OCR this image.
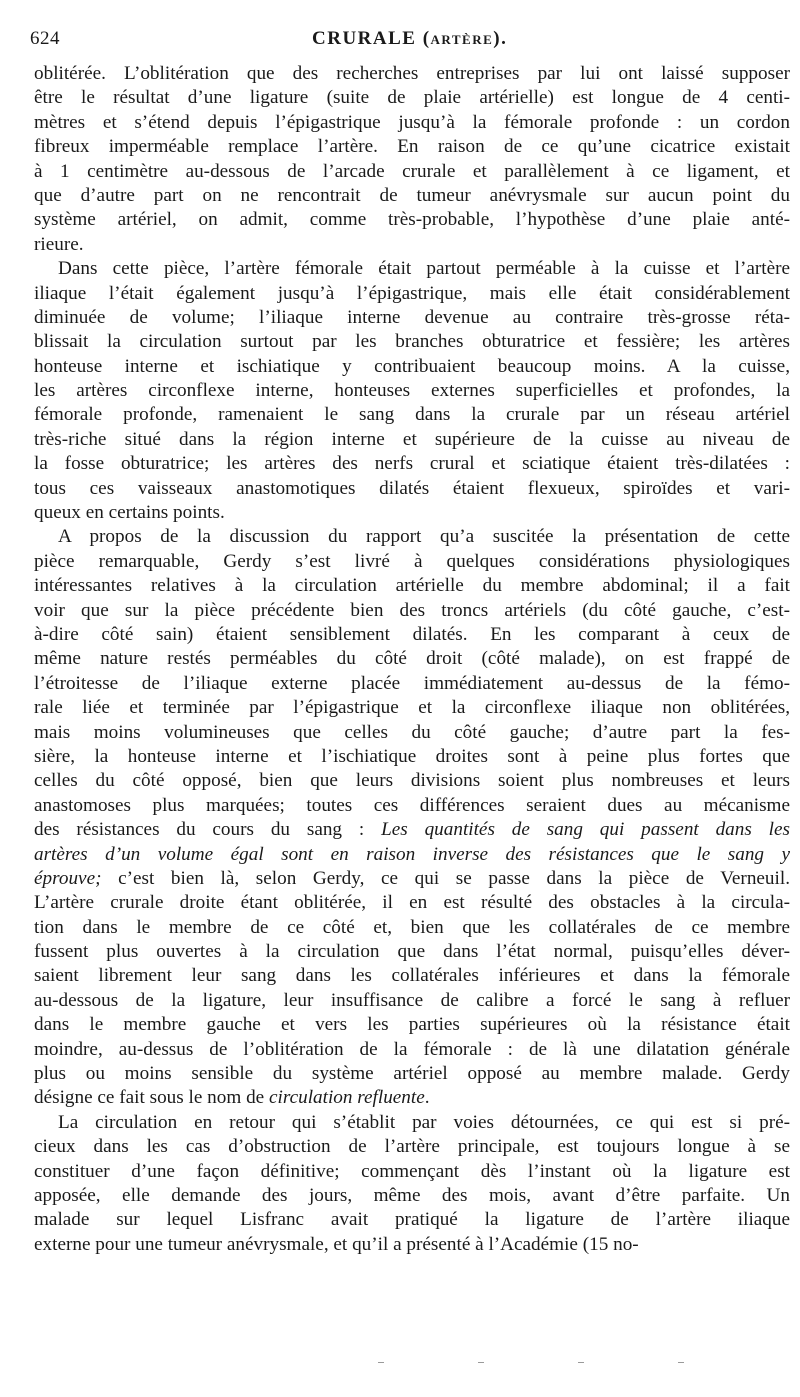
624	CRURALE (ARTÈRE).
oblitérée. L’oblitération que des recherches entreprises par lui ont laissé supposer
être le résultat d’une ligature (suite de plaie artérielle) est longue de 4 centi-
mètres et s’étend depuis l’épigastrique jusqu’à la fémorale profonde : un cordon
fibreux imperméable remplace l’artère. En raison de ce qu’une cicatrice existait
à 1 centimètre au-dessous de l’arcade crurale et parallèlement à ce ligament, et
que d’autre part on ne rencontrait de tumeur anévrysmale sur aucun point du
système artériel, on admit, comme très-probable, l’hypothèse d’une plaie anté-
rieure.
Dans cette pièce, l’artère fémorale était partout perméable à la cuisse et l’artère
iliaque l’était également jusqu’à l’épigastrique, mais elle était considérablement
diminuée de volume; l’iliaque interne devenue au contraire très-grosse réta-
blissait la circulation surtout par les branches obturatrice et fessière; les artères
honteuse interne et ischiatique y contribuaient beaucoup moins. A la cuisse,
les artères circonflexe interne, honteuses externes superficielles et profondes, la
fémorale profonde, ramenaient le sang dans la crurale par un réseau artériel
très-riche situé dans la région interne et supérieure de la cuisse au niveau de
la fosse obturatrice; les artères des nerfs crural et sciatique étaient très-dilatées :
tous ces vaisseaux anastomotiques dilatés étaient flexueux, spiroïdes et vari-
queux en certains points.
A propos de la discussion du rapport qu’a suscitée la présentation de cette
pièce remarquable, Gerdy s’est livré à quelques considérations physiologiques
intéressantes relatives à la circulation artérielle du membre abdominal; il a fait
voir que sur la pièce précédente bien des troncs artériels (du côté gauche, c’est-
à-dire côté sain) étaient sensiblement dilatés. En les comparant à ceux de
même nature restés perméables du côté droit (côté malade), on est frappé de
l’étroitesse de l’iliaque externe placée immédiatement au-dessus de la fémo-
rale liée et terminée par l’épigastrique et la circonflexe iliaque non oblitérées,
mais moins volumineuses que celles du côté gauche; d’autre part la fes-
sière, la honteuse interne et l’ischiatique droites sont à peine plus fortes que
celles du côté opposé, bien que leurs divisions soient plus nombreuses et leurs
anastomoses plus marquées; toutes ces différences seraient dues au mécanisme
des résistances du cours du sang : Les quantités de sang qui passent dans les
artères d’un volume égal sont en raison inverse des résistances que le sang y
éprouve; c’est bien là, selon Gerdy, ce qui se passe dans la pièce de Verneuil.
L’artère crurale droite étant oblitérée, il en est résulté des obstacles à la circula-
tion dans le membre de ce côté et, bien que les collatérales de ce membre
fussent plus ouvertes à la circulation que dans l’état normal, puisqu’elles déver-
saient librement leur sang dans les collatérales inférieures et dans la fémorale
au-dessous de la ligature, leur insuffisance de calibre a forcé le sang à refluer
dans le membre gauche et vers les parties supérieures où la résistance était
moindre, au-dessus de l’oblitération de la fémorale : de là une dilatation générale
plus ou moins sensible du système artériel opposé au membre malade. Gerdy
désigne ce fait sous le nom de circulation refluente.
La circulation en retour qui s’établit par voies détournées, ce qui est si pré-
cieux dans les cas d’obstruction de l’artère principale, est toujours longue à se
constituer d’une façon définitive; commençant dès l’instant où la ligature est
apposée, elle demande des jours, même des mois, avant d’être parfaite. Un
malade sur lequel Lisfranc avait pratiqué la ligature de l’artère iliaque
externe pour une tumeur anévrysmale, et qu’il a présenté à l’Académie (15 no-
